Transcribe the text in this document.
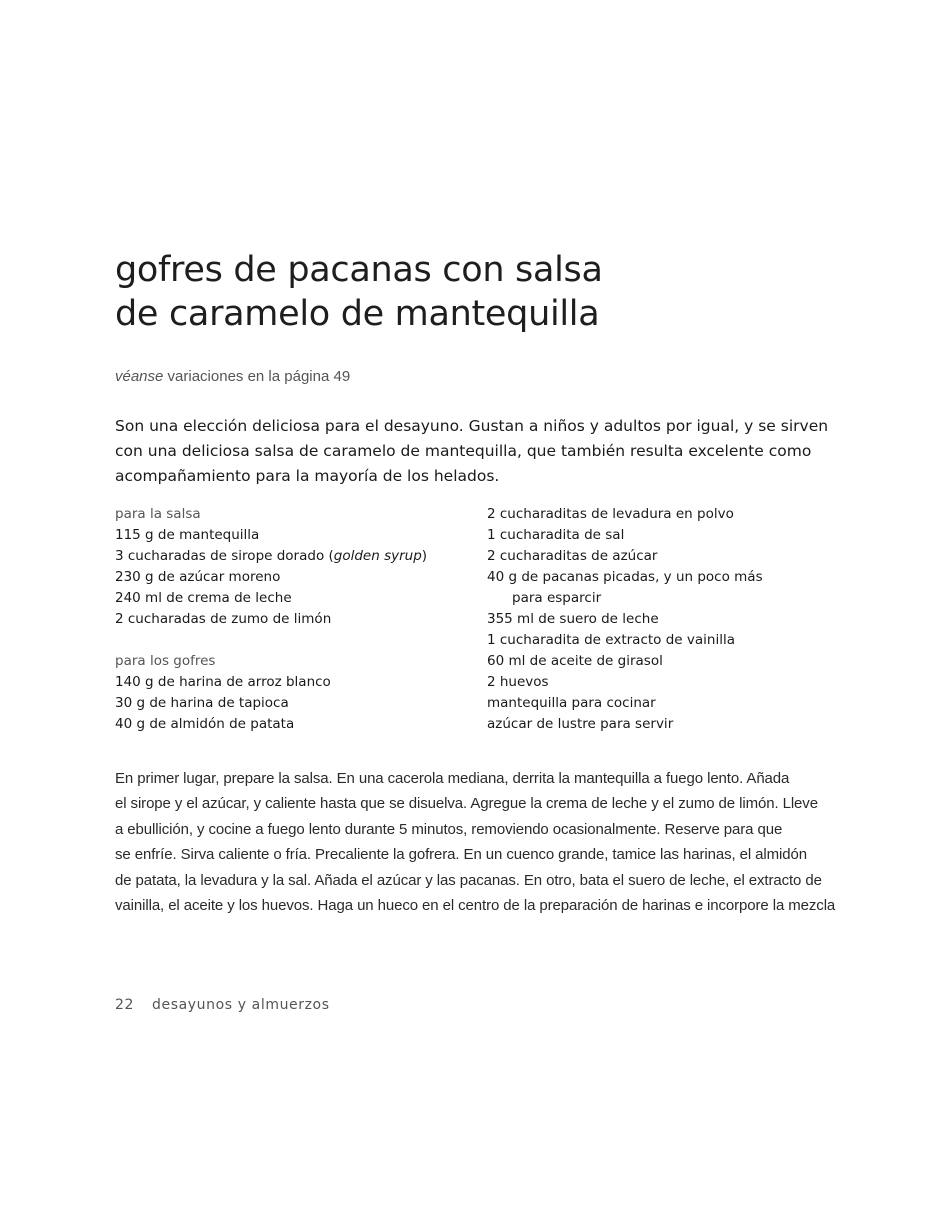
gofres de pacanas con salsa
de caramelo de mantequilla

véanse variaciones en la página 49

Son una elección deliciosa para el desayuno. Gustan a niños y adultos por igual, y se sirven
con una deliciosa salsa de caramelo de mantequilla, que también resulta excelente como
acompañamiento para la mayoría de los helados.

para la salsa
115 g de mantequilla
3 cucharadas de sirope dorado (golden syrup)
230 g de azúcar moreno
240 ml de crema de leche
2 cucharadas de zumo de limón
para los gofres
140 g de harina de arroz blanco
30 g de harina de tapioca
40 g de almidón de patata
2 cucharaditas de levadura en polvo
1 cucharadita de sal
2 cucharaditas de azúcar
40 g de pacanas picadas, y un poco más
para esparcir
355 ml de suero de leche
1 cucharadita de extracto de vainilla
60 ml de aceite de girasol
2 huevos
mantequilla para cocinar
azúcar de lustre para servir

En primer lugar, prepare la salsa. En una cacerola mediana, derrita la mantequilla a fuego lento. Añada
el sirope y el azúcar, y caliente hasta que se disuelva. Agregue la crema de leche y el zumo de limón. Lleve
a ebullición, y cocine a fuego lento durante 5 minutos, removiendo ocasionalmente. Reserve para que
se enfríe. Sirva caliente o fría. Precaliente la gofrera. En un cuenco grande, tamice las harinas, el almidón
de patata, la levadura y la sal. Añada el azúcar y las pacanas. En otro, bata el suero de leche, el extracto de
vainilla, el aceite y los huevos. Haga un hueco en el centro de la preparación de harinas e incorpore la mezcla

22 desayunos y almuerzos
